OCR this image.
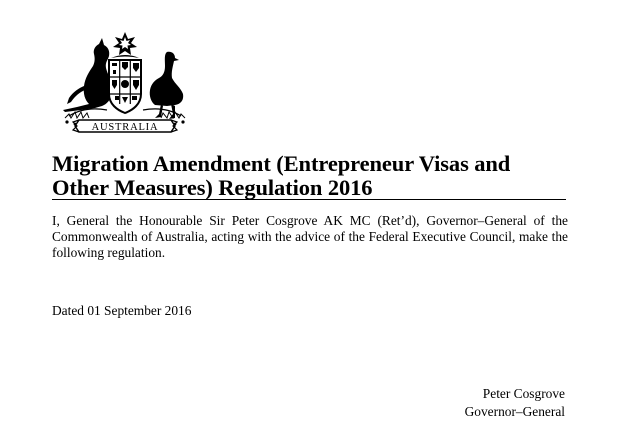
AUSTRALIA
Migration Amendment (Entrepreneur Visas and
Other Measures) Regulation 2016

I, General the Honourable Sir Peter Cosgrove AK MC (Ret’d), Governor–General of the Commonwealth of Australia, acting with the advice of the Federal Executive Council, make the following regulation.

Dated 01 September 2016

Peter Cosgrove
Governor–General
